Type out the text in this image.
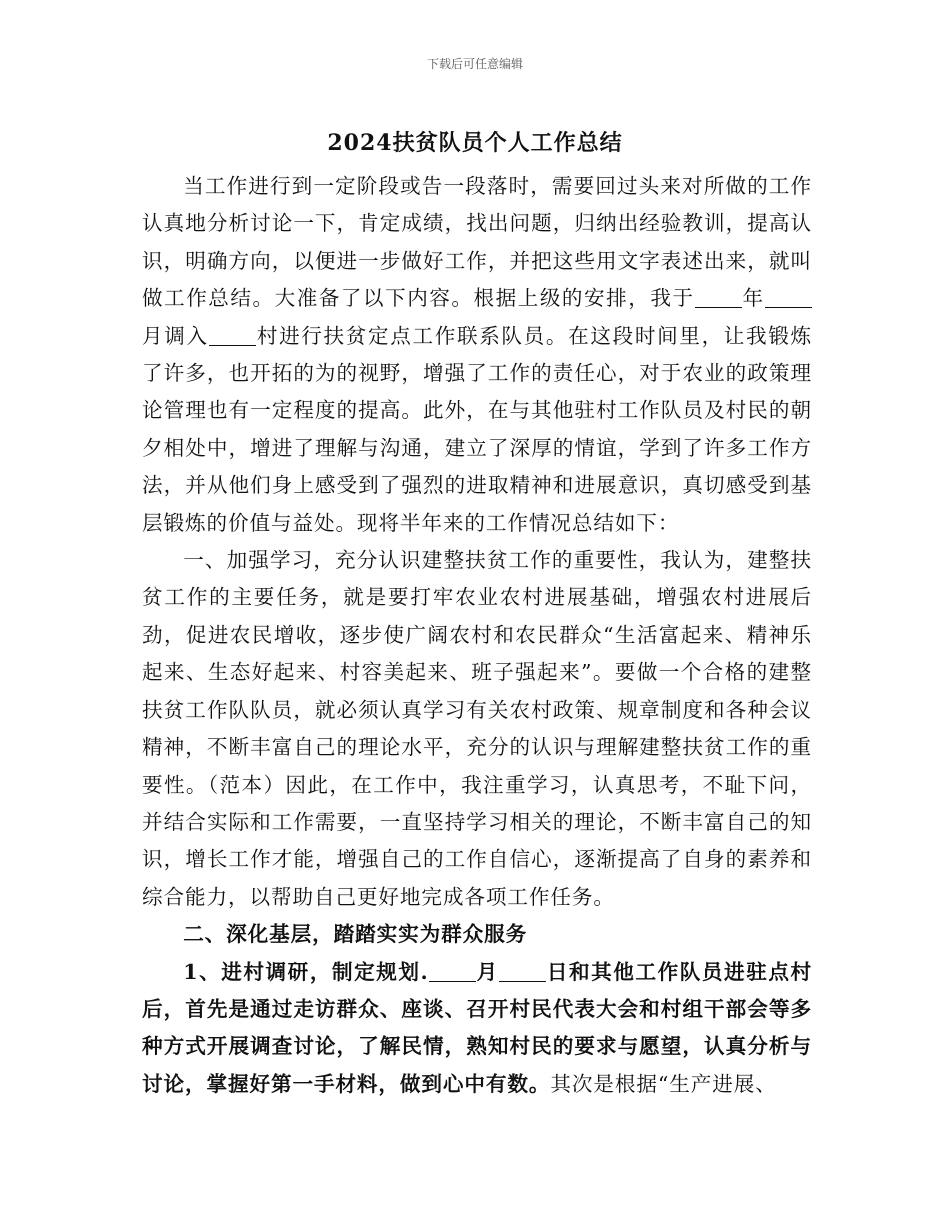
下载后可任意编辑
2024扶贫队员个人工作总结

当工作进行到一定阶段或告一段落时，需要回过头来对所做的工作认真地分析讨论一下，肯定成绩，找出问题，归纳出经验教训，提高认识，明确方向，以便进一步做好工作，并把这些用文字表述出来，就叫做工作总结。大准备了以下内容。根据上级的安排，我于 年月调入 村进行扶贫定点工作联系队员。在这段时间里，让我锻炼了许多，也开拓的为的视野，增强了工作的责任心，对于农业的政策理论管理也有一定程度的提高。此外，在与其他驻村工作队员及村民的朝夕相处中，增进了理解与沟通，建立了深厚的情谊，学到了许多工作方法，并从他们身上感受到了强烈的进取精神和进展意识，真切感受到基层锻炼的价值与益处。现将半年来的工作情况总结如下：

一、加强学习，充分认识建整扶贫工作的重要性，我认为，建整扶贫工作的主要任务，就是要打牢农业农村进展基础，增强农村进展后劲，促进农民增收，逐步使广阔农村和农民群众“生活富起来、精神乐起来、生态好起来、村容美起来、班子强起来”。要做一个合格的建整扶贫工作队队员，就必须认真学习有关农村政策、规章制度和各种会议精神，不断丰富自己的理论水平，充分的认识与理解建整扶贫工作的重要性。（范本）因此，在工作中，我注重学习，认真思考，不耻下问，并结合实际和工作需要，一直坚持学习相关的理论，不断丰富自己的知识，增长工作才能，增强自己的工作自信心，逐渐提高了自身的素养和综合能力，以帮助自己更好地完成各项工作任务。

二、深化基层，踏踏实实为群众服务

1、进村调研，制定规划. 月 日和其他工作队员进驻点村后，首先是通过走访群众、座谈、召开村民代表大会和村组干部会等多种方式开展调查讨论，了解民情，熟知村民的要求与愿望，认真分析与讨论，掌握好第一手材料，做到心中有数。其次是根据“生产进展、
